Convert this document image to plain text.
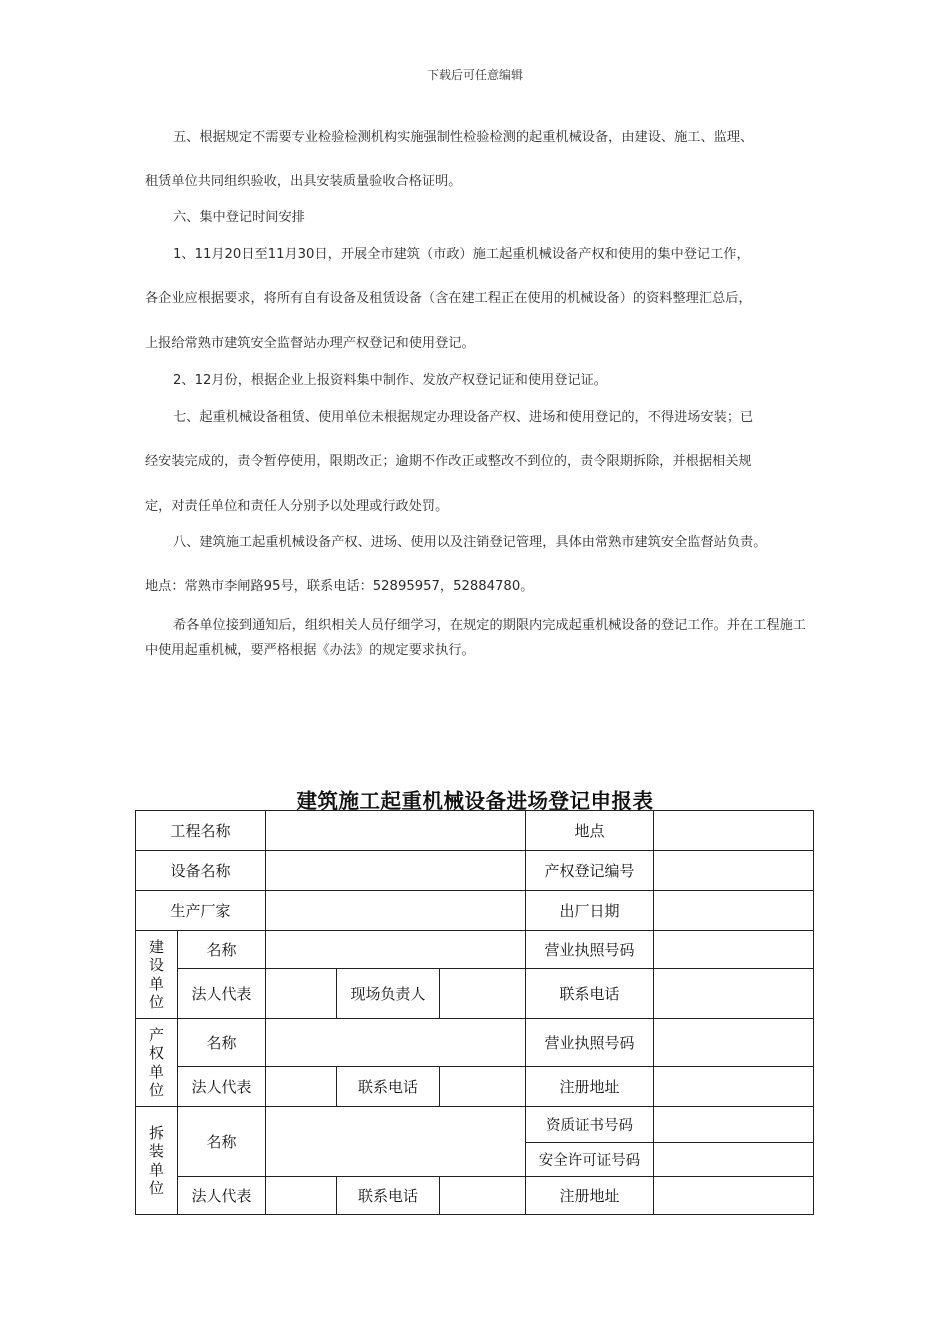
下载后可任意编辑
五、根据规定不需要专业检验检测机构实施强制性检验检测的起重机械设备，由建设、施工、监理、
租赁单位共同组织验收，出具安装质量验收合格证明。
六、集中登记时间安排
1、11月20日至11月30日，开展全市建筑（市政）施工起重机械设备产权和使用的集中登记工作，
各企业应根据要求，将所有自有设备及租赁设备（含在建工程正在使用的机械设备）的资料整理汇总后，
上报给常熟市建筑安全监督站办理产权登记和使用登记。
2、12月份，根据企业上报资料集中制作、发放产权登记证和使用登记证。
七、起重机械设备租赁、使用单位未根据规定办理设备产权、进场和使用登记的，不得进场安装；已
经安装完成的，责令暂停使用，限期改正；逾期不作改正或整改不到位的，责令限期拆除，并根据相关规
定，对责任单位和责任人分别予以处理或行政处罚。
八、建筑施工起重机械设备产权、进场、使用以及注销登记管理，具体由常熟市建筑安全监督站负责。
地点：常熟市李闸路95号，联系电话：52895957，52884780。
希各单位接到通知后，组织相关人员仔细学习，在规定的期限内完成起重机械设备的登记工作。并在工程施工中使用起重机械，要严格根据《办法》的规定要求执行。
建筑施工起重机械设备进场登记申报表
工程名称					地点	
设备名称					产权登记编号	
生产厂家					出厂日期	

建设单位	名称				营业执照号码	
	法人代表		现场负责人		联系电话	

产权单位	名称				营业执照号码	
	法人代表		联系电话		注册地址	

拆装单位	名称				资质证书号码	
					安全许可证号码	
	法人代表		联系电话		注册地址	
